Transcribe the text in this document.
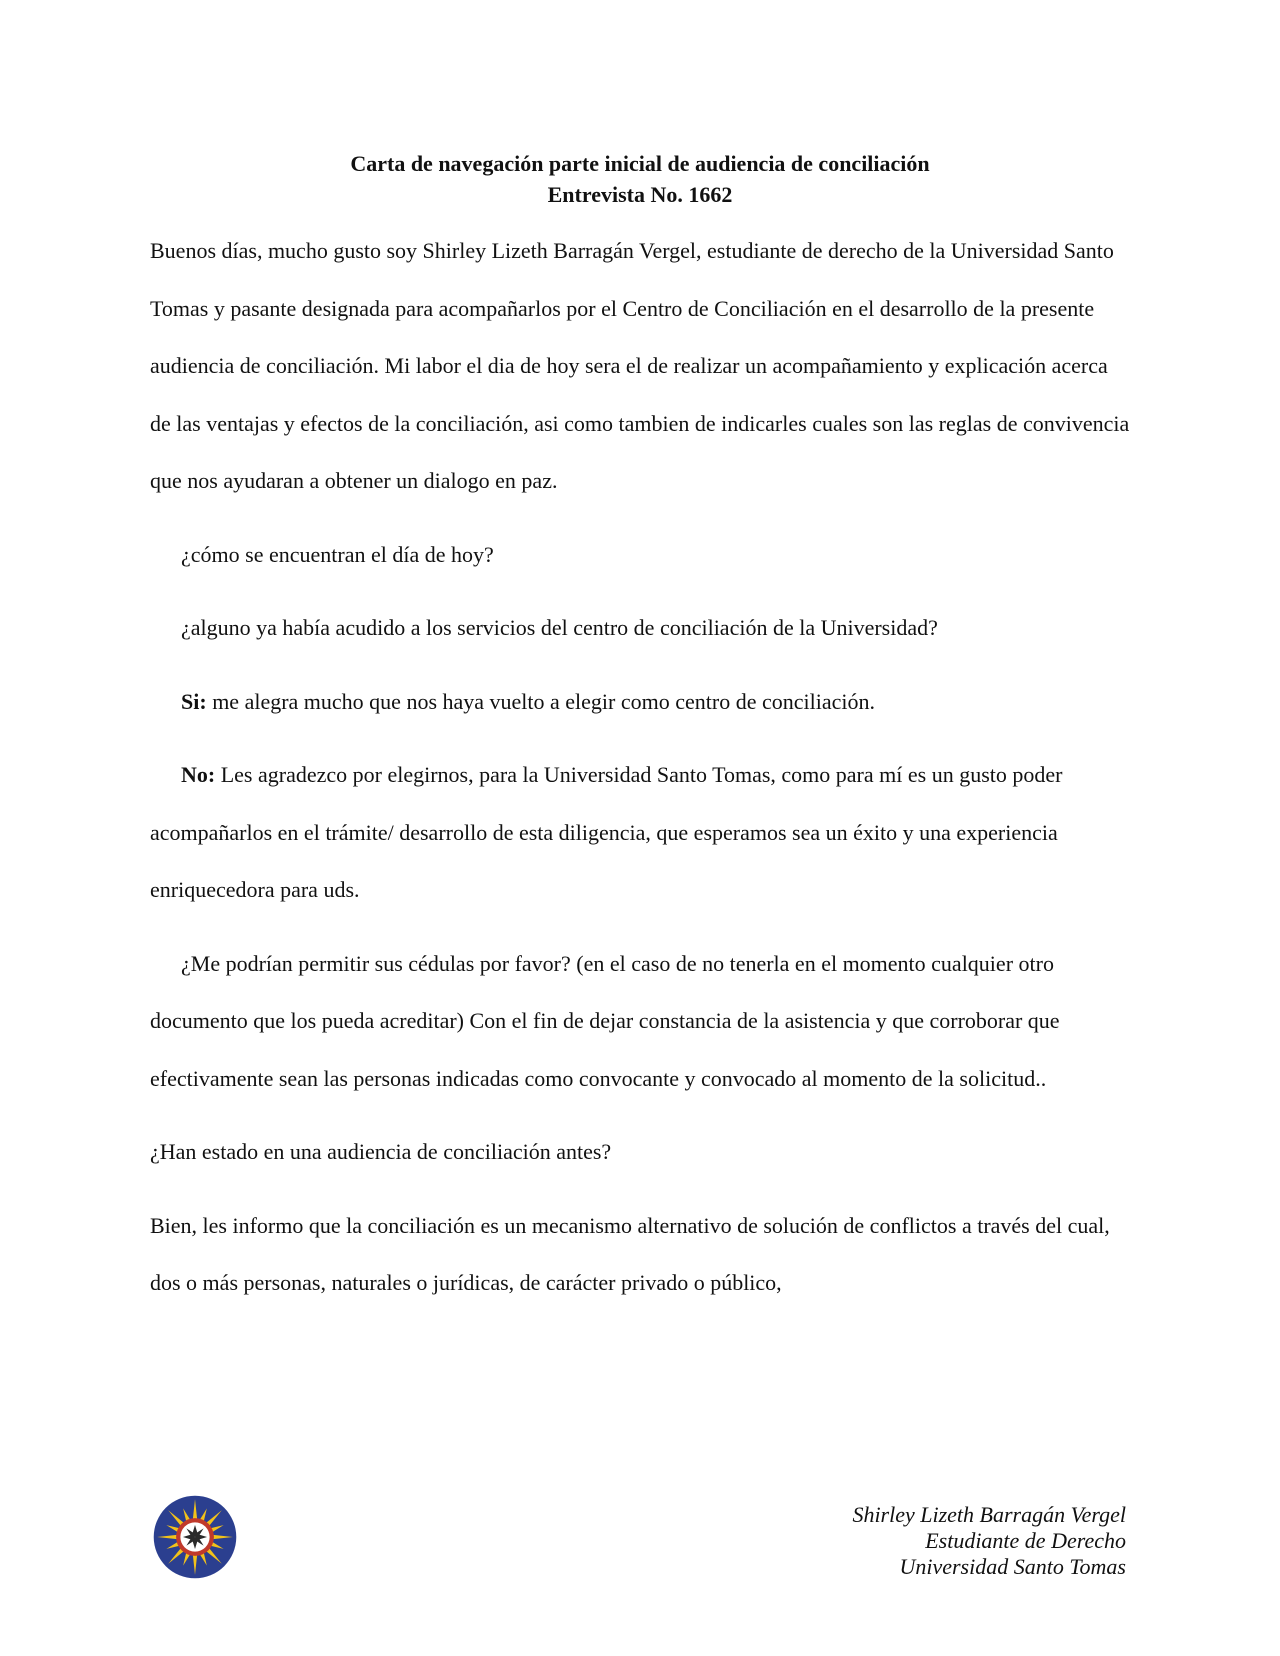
Carta de navegación parte inicial de audiencia de conciliación
Entrevista No. 1662

Buenos días, mucho gusto soy Shirley Lizeth Barragán Vergel, estudiante de derecho de la Universidad Santo Tomas y pasante designada para acompañarlos por el Centro de Conciliación en el desarrollo de la presente audiencia de conciliación. Mi labor el dia de hoy sera el de realizar un acompañamiento y explicación acerca de las ventajas y efectos de la conciliación, asi como tambien de indicarles cuales son las reglas de convivencia que nos ayudaran a obtener un dialogo en paz.

¿cómo se encuentran el día de hoy?

¿alguno ya había acudido a los servicios del centro de conciliación de la Universidad?

Si: me alegra mucho que nos haya vuelto a elegir como centro de conciliación.

No: Les agradezco por elegirnos, para la Universidad Santo Tomas, como para mí es un gusto poder acompañarlos en el trámite/ desarrollo de esta diligencia, que esperamos sea un éxito y una experiencia enriquecedora para uds.

¿Me podrían permitir sus cédulas por favor? (en el caso de no tenerla en el momento cualquier otro documento que los pueda acreditar) Con el fin de dejar constancia de la asistencia y que corroborar que efectivamente sean las personas indicadas como convocante y convocado al momento de la solicitud..

¿Han estado en una audiencia de conciliación antes?

Bien, les informo que la conciliación es un mecanismo alternativo de solución de conflictos a través del cual, dos o más personas, naturales o jurídicas, de carácter privado o público,

Shirley Lizeth Barragán Vergel
Estudiante de Derecho
Universidad Santo Tomas
